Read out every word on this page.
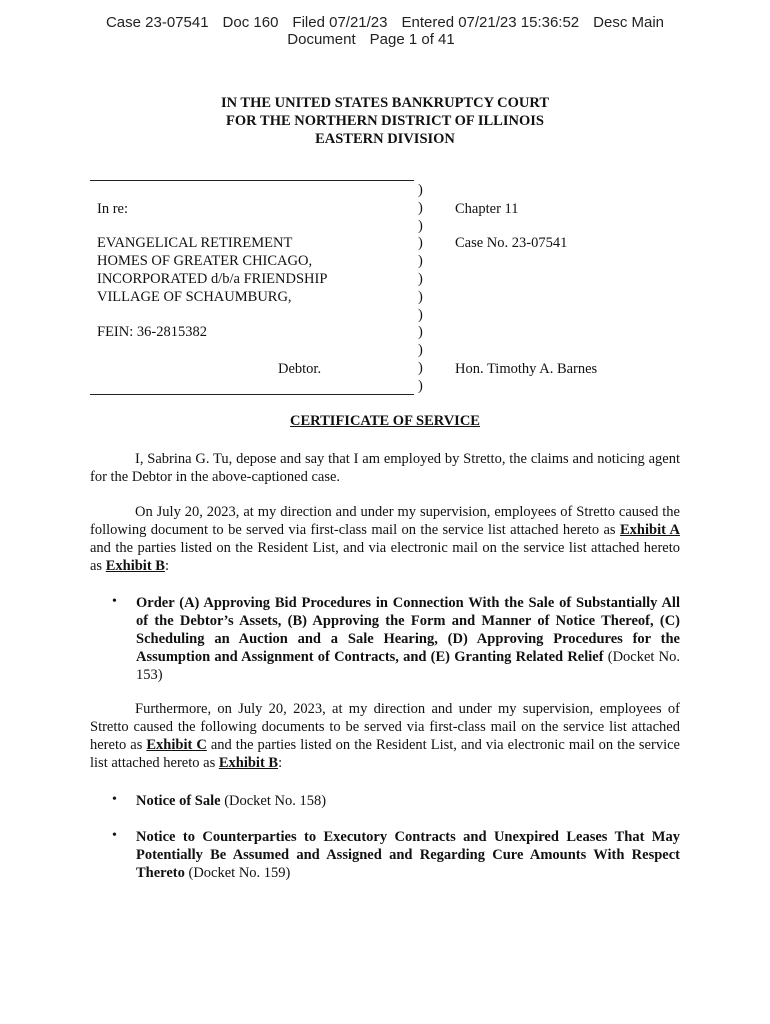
Case 23-07541 Doc 160 Filed 07/21/23 Entered 07/21/23 15:36:52 Desc Main
Document Page 1 of 41
IN THE UNITED STATES BANKRUPTCY COURT
FOR THE NORTHERN DISTRICT OF ILLINOIS
EASTERN DIVISION
)
)
)
)
)
)
)
)
)
)
)
)
In re:
EVANGELICAL RETIREMENT
HOMES OF GREATER CHICAGO,
INCORPORATED d/b/a FRIENDSHIP
VILLAGE OF SCHAUMBURG,
FEIN: 36-2815382
Debtor.
Chapter 11
Case No. 23-07541
Hon. Timothy A. Barnes
CERTIFICATE OF SERVICE
I, Sabrina G. Tu, depose and say that I am employed by Stretto, the claims and noticing agent for the Debtor in the above-captioned case.
On July 20, 2023, at my direction and under my supervision, employees of Stretto caused the following document to be served via first-class mail on the service list attached hereto as Exhibit A and the parties listed on the Resident List, and via electronic mail on the service list attached hereto as Exhibit B:
• Order (A) Approving Bid Procedures in Connection With the Sale of Substantially All of the Debtor’s Assets, (B) Approving the Form and Manner of Notice Thereof, (C) Scheduling an Auction and a Sale Hearing, (D) Approving Procedures for the Assumption and Assignment of Contracts, and (E) Granting Related Relief (Docket No. 153)
Furthermore, on July 20, 2023, at my direction and under my supervision, employees of Stretto caused the following documents to be served via first-class mail on the service list attached hereto as Exhibit C and the parties listed on the Resident List, and via electronic mail on the service list attached hereto as Exhibit B:
• Notice of Sale (Docket No. 158)
• Notice to Counterparties to Executory Contracts and Unexpired Leases That May Potentially Be Assumed and Assigned and Regarding Cure Amounts With Respect Thereto (Docket No. 159)
